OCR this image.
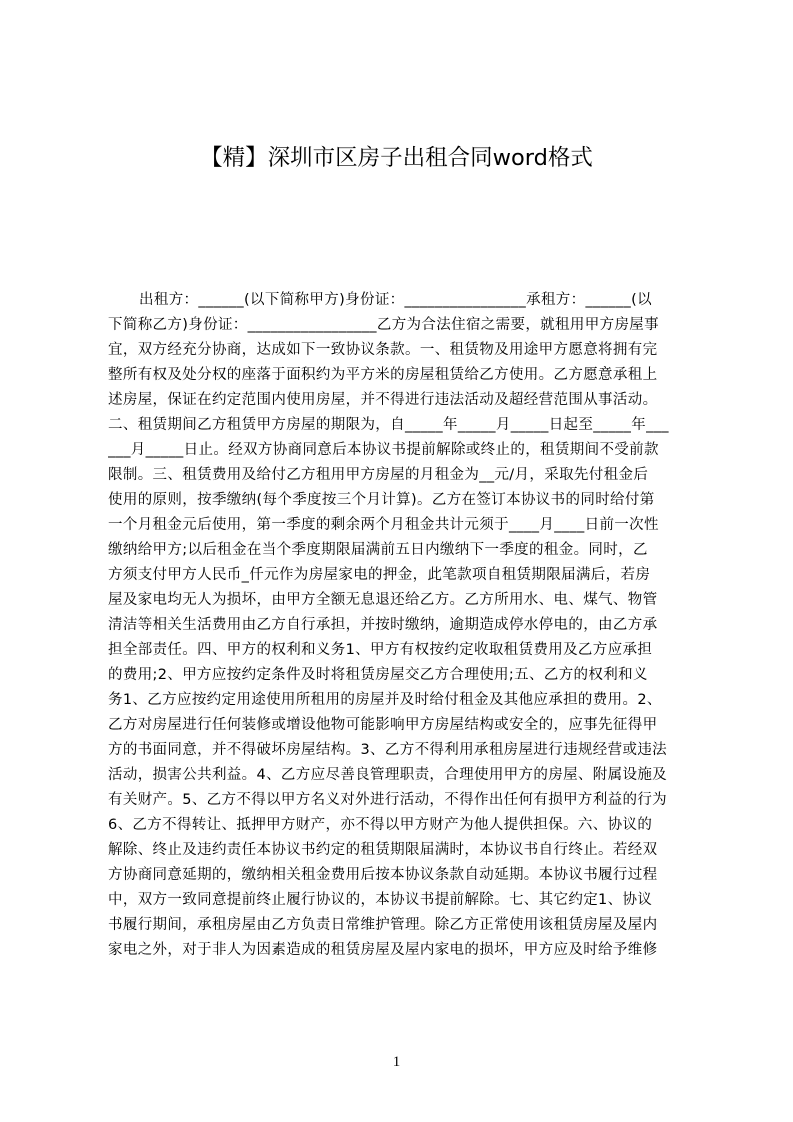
【精】深圳市区房子出租合同word格式
出租方：______(以下简称甲方)身份证：________________承租方：______(以
下简称乙方)身份证：_________________乙方为合法住宿之需要，就租用甲方房屋事
宜，双方经充分协商，达成如下一致协议条款。一、租赁物及用途甲方愿意将拥有完
整所有权及处分权的座落于面积约为平方米的房屋租赁给乙方使用。乙方愿意承租上
述房屋，保证在约定范围内使用房屋，并不得进行违法活动及超经营范围从事活动。
二、租赁期间乙方租赁甲方房屋的期限为，自_____年_____月_____日起至_____年___
___月_____日止。经双方协商同意后本协议书提前解除或终止的，租赁期间不受前款
限制。三、租赁费用及给付乙方租用甲方房屋的月租金为__元/月，采取先付租金后
使用的原则，按季缴纳(每个季度按三个月计算)。乙方在签订本协议书的同时给付第
一个月租金元后使用，第一季度的剩余两个月租金共计元须于____月____日前一次性
缴纳给甲方;以后租金在当个季度期限届满前五日内缴纳下一季度的租金。同时，乙
方须支付甲方人民币_仟元作为房屋家电的押金，此笔款项自租赁期限届满后，若房
屋及家电均无人为损坏，由甲方全额无息退还给乙方。乙方所用水、电、煤气、物管
清洁等相关生活费用由乙方自行承担，并按时缴纳，逾期造成停水停电的，由乙方承
担全部责任。四、甲方的权利和义务1、甲方有权按约定收取租赁费用及乙方应承担
的费用;2、甲方应按约定条件及时将租赁房屋交乙方合理使用;五、乙方的权利和义
务1、乙方应按约定用途使用所租用的房屋并及时给付租金及其他应承担的费用。2、
乙方对房屋进行任何装修或增设他物可能影响甲方房屋结构或安全的，应事先征得甲
方的书面同意，并不得破坏房屋结构。3、乙方不得利用承租房屋进行违规经营或违法
活动，损害公共利益。4、乙方应尽善良管理职责，合理使用甲方的房屋、附属设施及
有关财产。5、乙方不得以甲方名义对外进行活动，不得作出任何有损甲方利益的行为
6、乙方不得转让、抵押甲方财产，亦不得以甲方财产为他人提供担保。六、协议的
解除、终止及违约责任本协议书约定的租赁期限届满时，本协议书自行终止。若经双
方协商同意延期的，缴纳相关租金费用后按本协议条款自动延期。本协议书履行过程
中，双方一致同意提前终止履行协议的，本协议书提前解除。七、其它约定1、协议
书履行期间，承租房屋由乙方负责日常维护管理。除乙方正常使用该租赁房屋及屋内
家电之外，对于非人为因素造成的租赁房屋及屋内家电的损坏，甲方应及时给予维修
1
